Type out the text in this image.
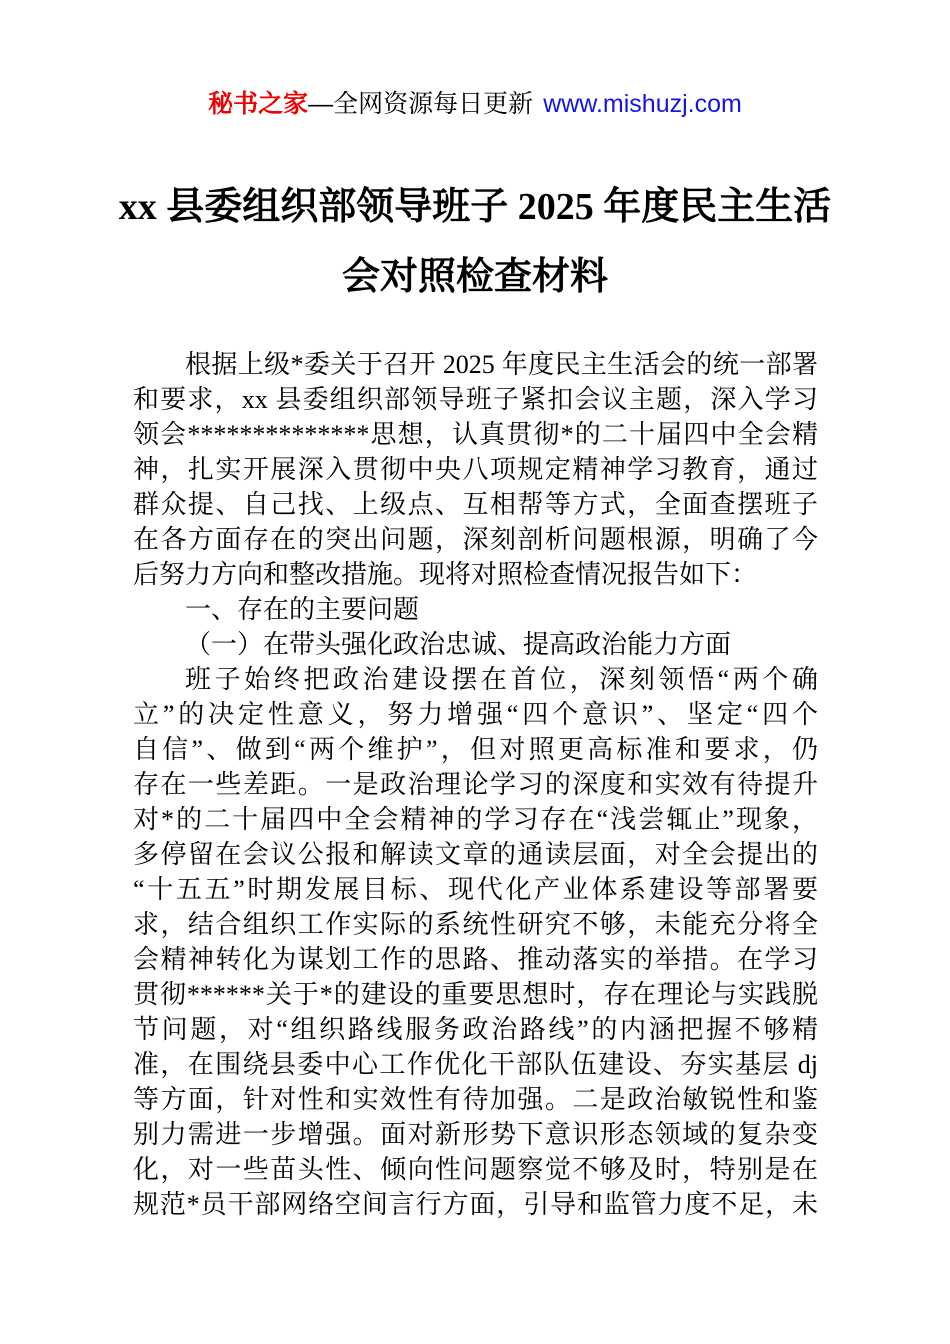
秘书之家—全网资源每日更新 www.mishuzj.com
xx 县委组织部领导班子 2025 年度民主生活
会对照检查材料
根据上级*委关于召开 2025 年度民主生活会的统一部署
和要求，xx 县委组织部领导班子紧扣会议主题，深入学习
领会**************思想，认真贯彻*的二十届四中全会精
神，扎实开展深入贯彻中央八项规定精神学习教育，通过
群众提、自己找、上级点、互相帮等方式，全面查摆班子
在各方面存在的突出问题，深刻剖析问题根源，明确了今
后努力方向和整改措施。现将对照检查情况报告如下：
一、存在的主要问题
（一）在带头强化政治忠诚、提高政治能力方面
班子始终把政治建设摆在首位，深刻领悟“两个确
立”的决定性意义，努力增强“四个意识”、坚定“四个
自信”、做到“两个维护”，但对照更高标准和要求，仍
存在一些差距。一是政治理论学习的深度和实效有待提升
对*的二十届四中全会精神的学习存在“浅尝辄止”现象，
多停留在会议公报和解读文章的通读层面，对全会提出的
“十五五”时期发展目标、现代化产业体系建设等部署要
求，结合组织工作实际的系统性研究不够，未能充分将全
会精神转化为谋划工作的思路、推动落实的举措。在学习
贯彻******关于*的建设的重要思想时，存在理论与实践脱
节问题，对“组织路线服务政治路线”的内涵把握不够精
准，在围绕县委中心工作优化干部队伍建设、夯实基层 dj
等方面，针对性和实效性有待加强。二是政治敏锐性和鉴
别力需进一步增强。面对新形势下意识形态领域的复杂变
化，对一些苗头性、倾向性问题察觉不够及时，特别是在
规范*员干部网络空间言行方面，引导和监管力度不足，未
